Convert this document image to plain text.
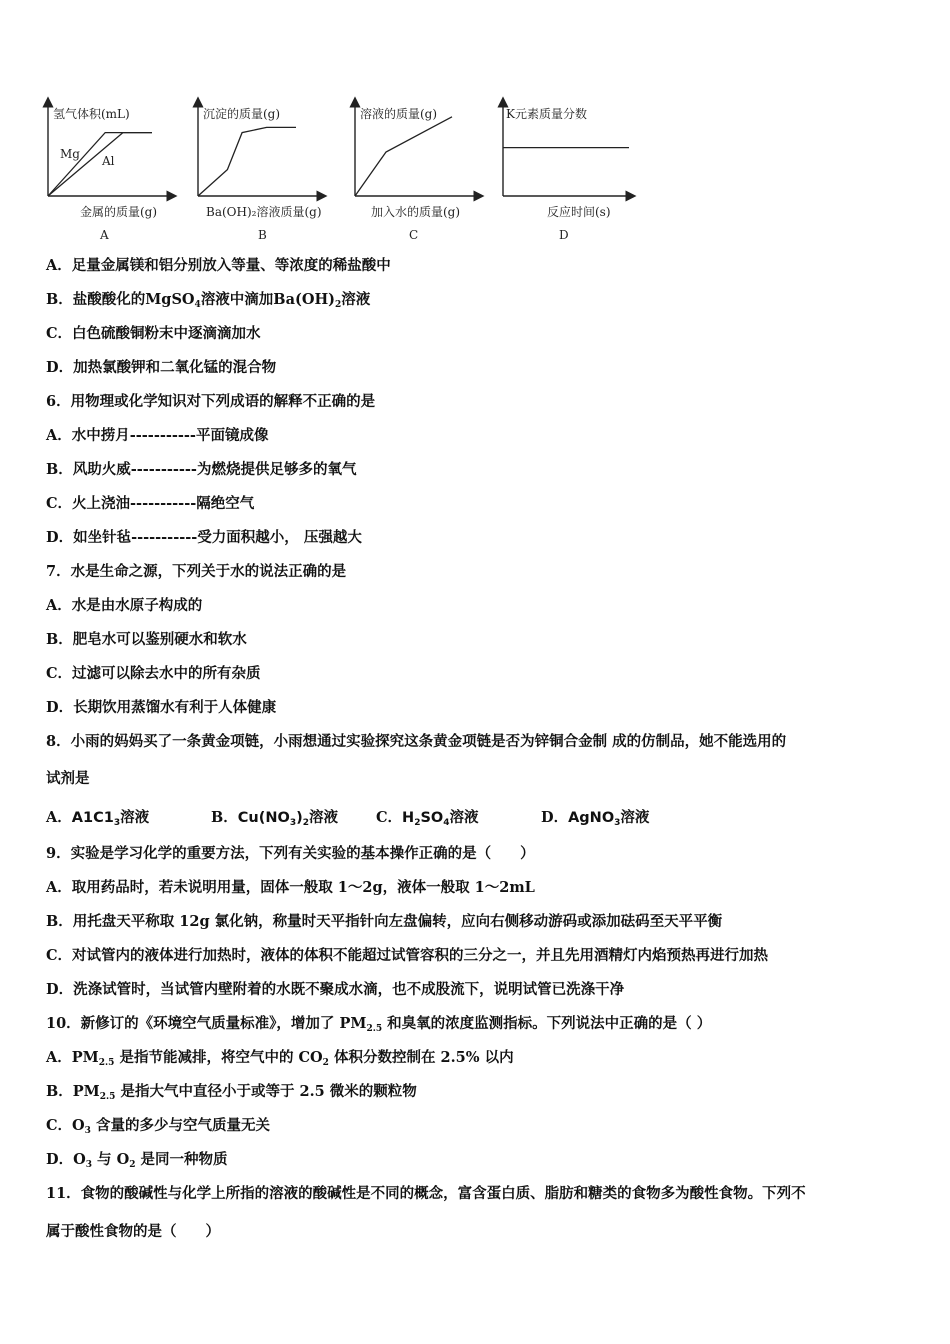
氢气体积(mL)
Mg Al
金属的质量(g)
A
沉淀的质量(g)
Ba(OH)₂溶液质量(g)
B
溶液的质量(g)
加入水的质量(g)
C
K元素质量分数
反应时间(s)
D
A．足量金属镁和铝分别放入等量、等浓度的稀盐酸中
B．盐酸酸化的MgSO$_4$溶液中滴加$Ba(OH)_2$溶液
C．白色硫酸铜粉末中逐滴滴加水
D．加热氯酸钾和二氧化锰的混合物
6．用物理或化学知识对下列成语的解释不正确的是
A．水中捞月-----------平面镜成像
B．风助火威-----------为燃烧提供足够多的氧气
C．火上浇油-----------隔绝空气
D．如坐针毡-----------受力面积越小， 压强越大
7．水是生命之源，下列关于水的说法正确的是
A．水是由水原子构成的
B．肥皂水可以鉴别硬水和软水
C．过滤可以除去水中的所有杂质
D．长期饮用蒸馏水有利于人体健康
8．小雨的妈妈买了一条黄金项链，小雨想通过实验探究这条黄金项链是否为锌铜合金制 成的仿制品，她不能选用的
试剂是
A．$A1C1_3$溶液	B．$Cu(NO_3)_2$溶液	C．$H_2SO_4$溶液	D．AgNO$_3$溶液
9．实验是学习化学的重要方法，下列有关实验的基本操作正确的是（　　）
A．取用药品时，若未说明用量，固体一般取 1～2g，液体一般取 1～2mL
B．用托盘天平称取 12g 氯化钠，称量时天平指针向左盘偏转，应向右侧移动游码或添加砝码至天平平衡
C．对试管内的液体进行加热时，液体的体积不能超过试管容积的三分之一，并且先用酒精灯内焰预热再进行加热
D．洗涤试管时，当试管内壁附着的水既不聚成水滴，也不成股流下，说明试管已洗涤干净
10．新修订的《环境空气质量标准》，增加了 $PM_{2.5}$ 和臭氧的浓度监测指标。下列说法中正确的是（ ）
A．$PM_{2.5}$ 是指节能减排，将空气中的 $CO_2$ 体积分数控制在 2.5% 以内
B．$PM_{2.5}$ 是指大气中直径小于或等于 2.5 微米的颗粒物
C．$O_3$ 含量的多少与空气质量无关
D．$O_3$ 与 $O_2$ 是同一种物质
11．食物的酸碱性与化学上所指的溶液的酸碱性是不同的概念，富含蛋白质、脂肪和糖类的食物多为酸性食物。下列不
属于酸性食物的是（　　）
